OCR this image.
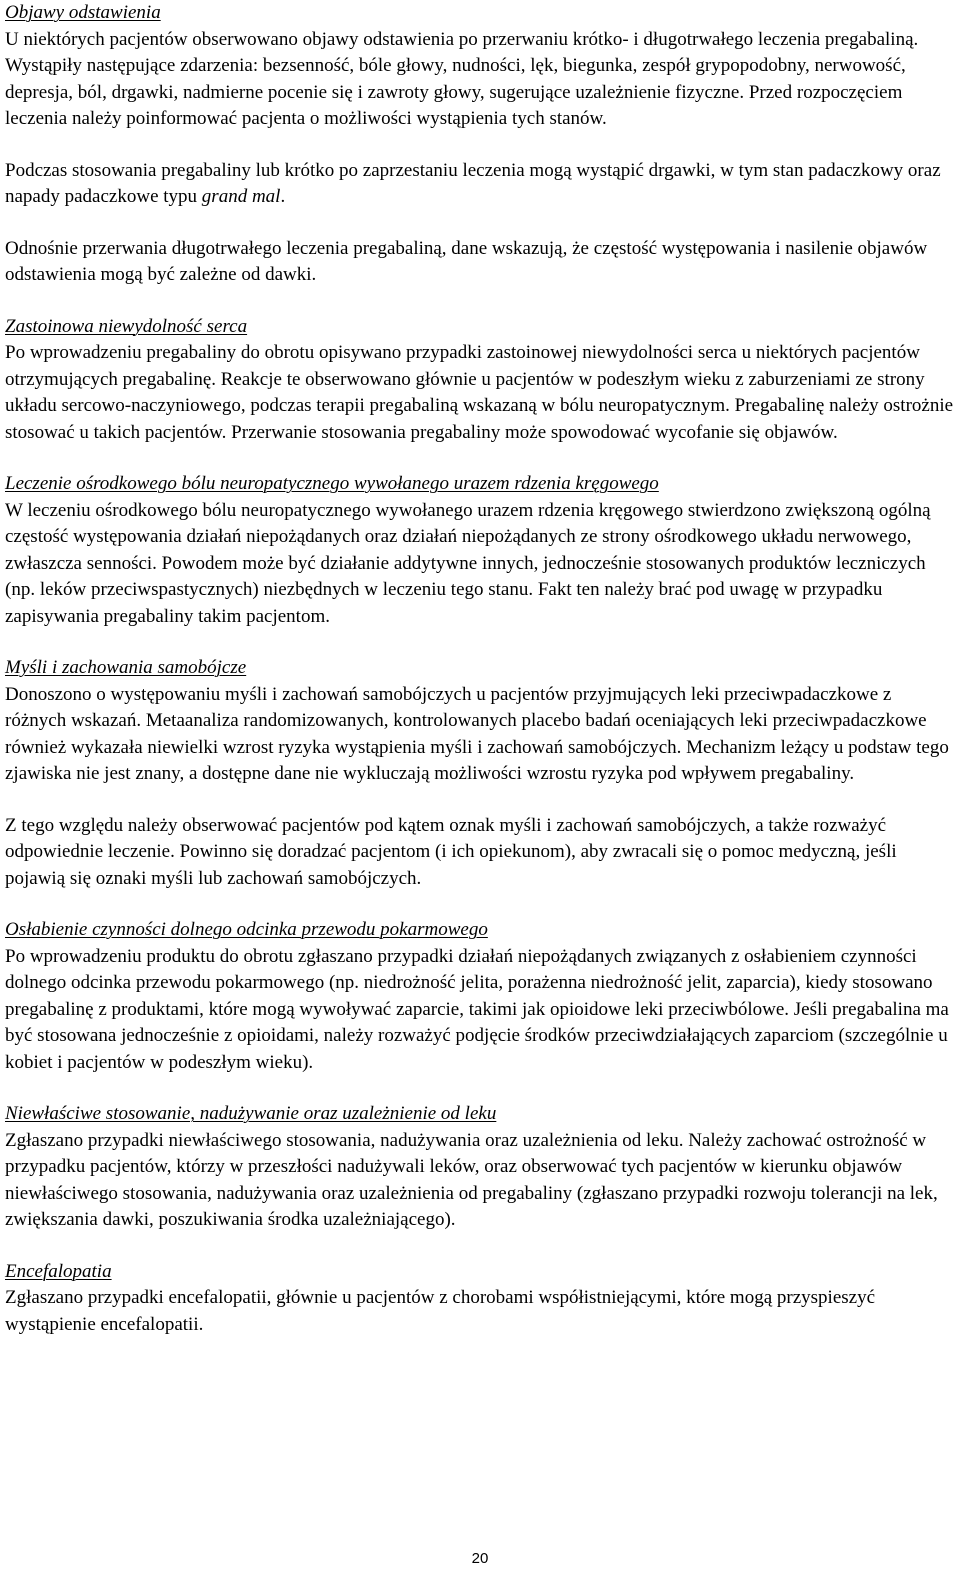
Objawy odstawienia

U niektórych pacjentów obserwowano objawy odstawienia po przerwaniu krótko- i długotrwałego leczenia pregabaliną. Wystąpiły następujące zdarzenia: bezsenność, bóle głowy, nudności, lęk, biegunka, zespół grypopodobny, nerwowość, depresja, ból, drgawki, nadmierne pocenie się i zawroty głowy, sugerujące uzależnienie fizyczne. Przed rozpoczęciem leczenia należy poinformować pacjenta o możliwości wystąpienia tych stanów.

Podczas stosowania pregabaliny lub krótko po zaprzestaniu leczenia mogą wystąpić drgawki, w tym stan padaczkowy oraz napady padaczkowe typu grand mal.

Odnośnie przerwania długotrwałego leczenia pregabaliną, dane wskazują, że częstość występowania i nasilenie objawów odstawienia mogą być zależne od dawki.

Zastoinowa niewydolność serca

Po wprowadzeniu pregabaliny do obrotu opisywano przypadki zastoinowej niewydolności serca u niektórych pacjentów otrzymujących pregabalinę. Reakcje te obserwowano głównie u pacjentów w podeszłym wieku z zaburzeniami ze strony układu sercowo-naczyniowego, podczas terapii pregabaliną wskazaną w bólu neuropatycznym. Pregabalinę należy ostrożnie stosować u takich pacjentów. Przerwanie stosowania pregabaliny może spowodować wycofanie się objawów.

Leczenie ośrodkowego bólu neuropatycznego wywołanego urazem rdzenia kręgowego

W leczeniu ośrodkowego bólu neuropatycznego wywołanego urazem rdzenia kręgowego stwierdzono zwiększoną ogólną częstość występowania działań niepożądanych oraz działań niepożądanych ze strony ośrodkowego układu nerwowego, zwłaszcza senności. Powodem może być działanie addytywne innych, jednocześnie stosowanych produktów leczniczych (np. leków przeciwspastycznych) niezbędnych w leczeniu tego stanu. Fakt ten należy brać pod uwagę w przypadku zapisywania pregabaliny takim pacjentom.

Myśli i zachowania samobójcze

Donoszono o występowaniu myśli i zachowań samobójczych u pacjentów przyjmujących leki przeciwpadaczkowe z różnych wskazań. Metaanaliza randomizowanych, kontrolowanych placebo badań oceniających leki przeciwpadaczkowe również wykazała niewielki wzrost ryzyka wystąpienia myśli i zachowań samobójczych. Mechanizm leżący u podstaw tego zjawiska nie jest znany, a dostępne dane nie wykluczają możliwości wzrostu ryzyka pod wpływem pregabaliny.

Z tego względu należy obserwować pacjentów pod kątem oznak myśli i zachowań samobójczych, a także rozważyć odpowiednie leczenie. Powinno się doradzać pacjentom (i ich opiekunom), aby zwracali się o pomoc medyczną, jeśli pojawią się oznaki myśli lub zachowań samobójczych.

Osłabienie czynności dolnego odcinka przewodu pokarmowego

Po wprowadzeniu produktu do obrotu zgłaszano przypadki działań niepożądanych związanych z osłabieniem czynności dolnego odcinka przewodu pokarmowego (np. niedrożność jelita, porażenna niedrożność jelit, zaparcia), kiedy stosowano pregabalinę z produktami, które mogą wywoływać zaparcie, takimi jak opioidowe leki przeciwbólowe. Jeśli pregabalina ma być stosowana jednocześnie z opioidami, należy rozważyć podjęcie środków przeciwdziałających zaparciom (szczególnie u kobiet i pacjentów w podeszłym wieku).

Niewłaściwe stosowanie, nadużywanie oraz uzależnienie od leku

Zgłaszano przypadki niewłaściwego stosowania, nadużywania oraz uzależnienia od leku. Należy zachować ostrożność w przypadku pacjentów, którzy w przeszłości nadużywali leków, oraz obserwować tych pacjentów w kierunku objawów niewłaściwego stosowania, nadużywania oraz uzależnienia od pregabaliny (zgłaszano przypadki rozwoju tolerancji na lek, zwiększania dawki, poszukiwania środka uzależniającego).

Encefalopatia

Zgłaszano przypadki encefalopatii, głównie u pacjentów z chorobami współistniejącymi, które mogą przyspieszyć wystąpienie encefalopatii.

20
